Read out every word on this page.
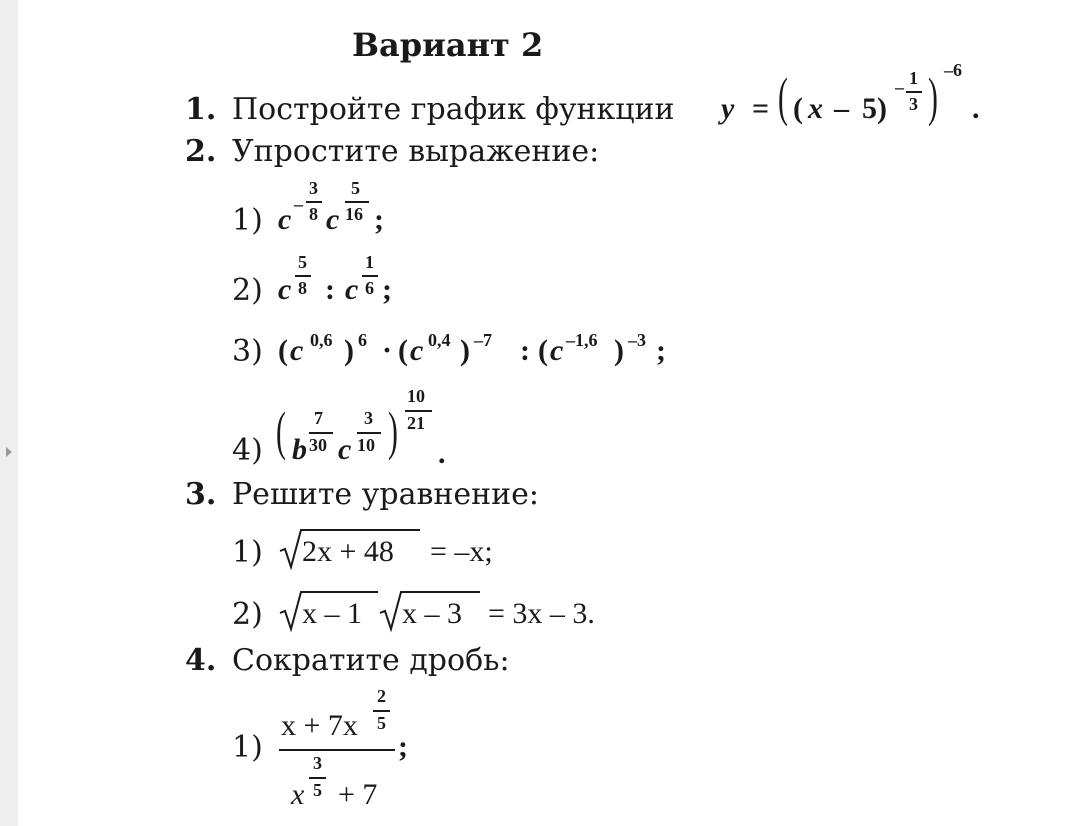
Вариант 2
1. Постройте график функции y = ( ( x – 5 )
– 1
3 ) –6
.
2. Упростите выражение:
1) c –
3
8 c
5
16 ;
2) c
5
8 : c
1
6 ;
3) ( c 0,6 ) 6 · ( c 0,4 ) –7 : ( c –1,6 ) –3 ;
4) ( b
7
30 c
3
10 )
10
21
.
3. Решите уравнение:
1) 2x + 48 = –x;
2) x – 1 x – 3 = 3x – 3.
4. Сократите дробь:
1)
x + 7x
2
5
x
3
5 + 7
;
